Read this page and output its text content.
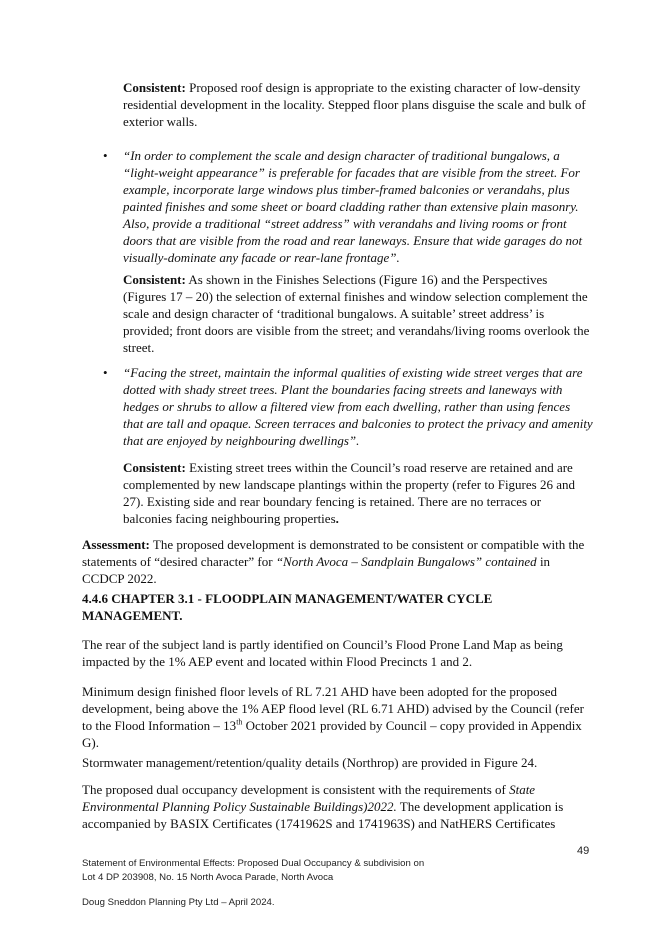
Consistent: Proposed roof design is appropriate to the existing character of low-density residential development in the locality. Stepped floor plans disguise the scale and bulk of exterior walls.

• “In order to complement the scale and design character of traditional bungalows, a “light-weight appearance” is preferable for facades that are visible from the street. For example, incorporate large windows plus timber-framed balconies or verandahs, plus painted finishes and some sheet or board cladding rather than extensive plain masonry. Also, provide a traditional “street address” with verandahs and living rooms or front doors that are visible from the road and rear laneways. Ensure that wide garages do not visually-dominate any facade or rear-lane frontage”.

Consistent: As shown in the Finishes Selections (Figure 16) and the Perspectives (Figures 17 – 20) the selection of external finishes and window selection complement the scale and design character of ‘traditional bungalows. A suitable’ street address’ is provided; front doors are visible from the street; and verandahs/living rooms overlook the street.

• “Facing the street, maintain the informal qualities of existing wide street verges that are dotted with shady street trees. Plant the boundaries facing streets and laneways with hedges or shrubs to allow a filtered view from each dwelling, rather than using fences that are tall and opaque. Screen terraces and balconies to protect the privacy and amenity that are enjoyed by neighbouring dwellings”.

Consistent: Existing street trees within the Council’s road reserve are retained and are complemented by new landscape plantings within the property (refer to Figures 26 and 27). Existing side and rear boundary fencing is retained. There are no terraces or balconies facing neighbouring properties.

Assessment: The proposed development is demonstrated to be consistent or compatible with the statements of “desired character” for “North Avoca – Sandplain Bungalows” contained in CCDCP 2022.

4.4.6 CHAPTER 3.1 - FLOODPLAIN MANAGEMENT/WATER CYCLE MANAGEMENT.

The rear of the subject land is partly identified on Council’s Flood Prone Land Map as being impacted by the 1% AEP event and located within Flood Precincts 1 and 2.

Minimum design finished floor levels of RL 7.21 AHD have been adopted for the proposed development, being above the 1% AEP flood level (RL 6.71 AHD) advised by the Council (refer to the Flood Information – 13th October 2021 provided by Council – copy provided in Appendix G).

Stormwater management/retention/quality details (Northrop) are provided in Figure 24.

The proposed dual occupancy development is consistent with the requirements of State Environmental Planning Policy Sustainable Buildings)2022. The development application is accompanied by BASIX Certificates (1741962S and 1741963S) and NatHERS Certificates

49
Statement of Environmental Effects: Proposed Dual Occupancy & subdivision on
Lot 4 DP 203908, No. 15 North Avoca Parade, North Avoca
Doug Sneddon Planning Pty Ltd – April 2024.
